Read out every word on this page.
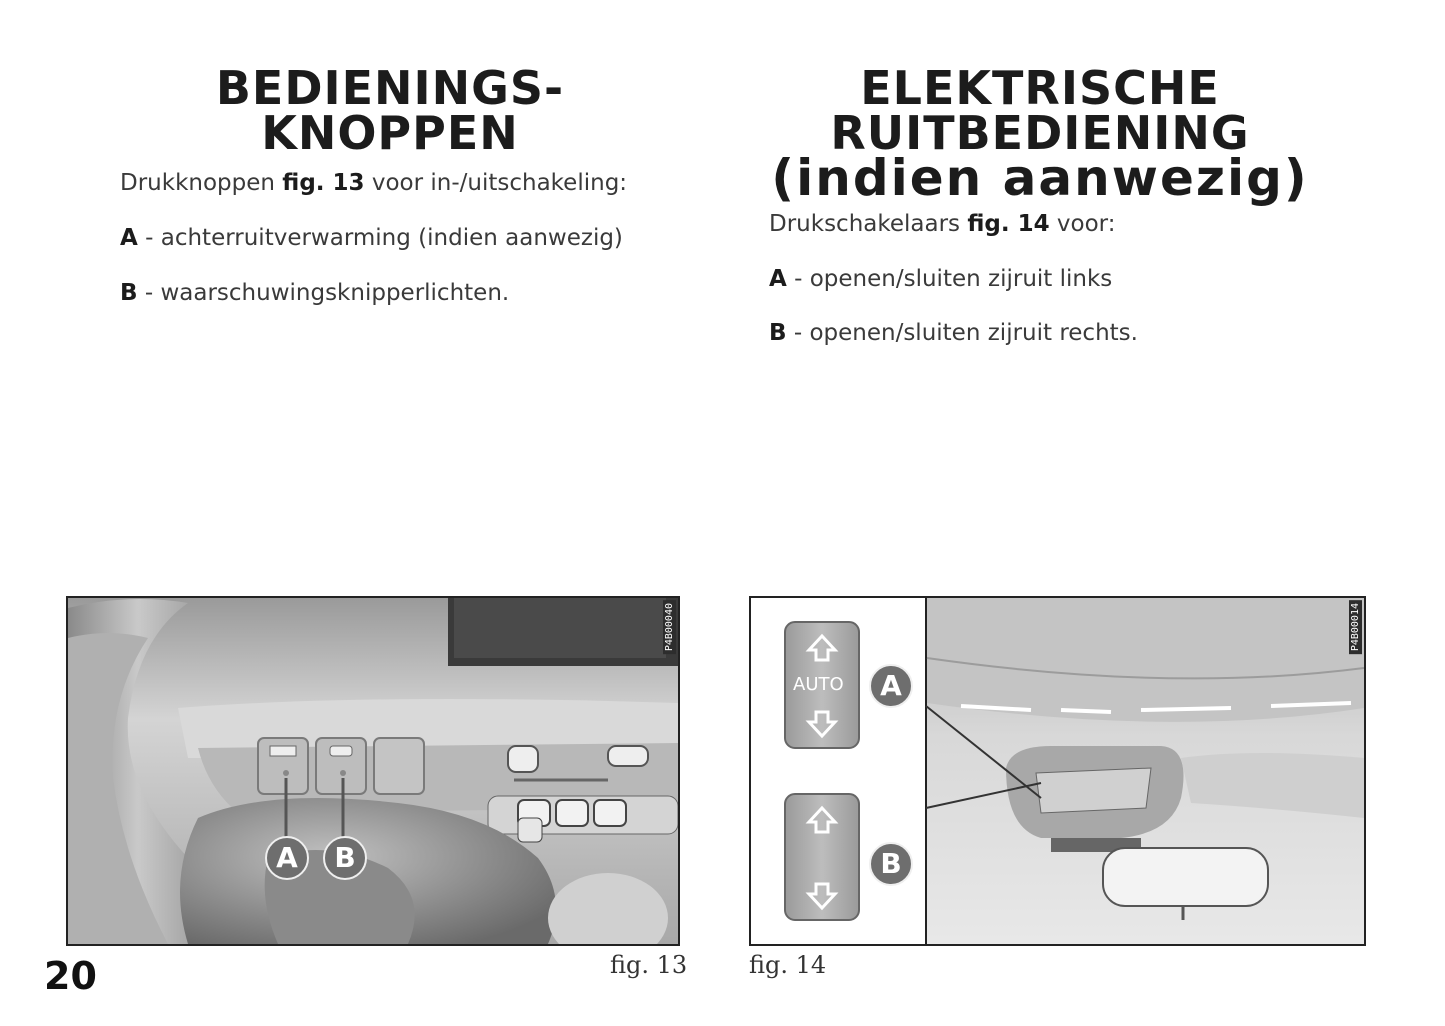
BEDIENINGS-
KNOPPEN

Drukknoppen fig. 13 voor in-/uitschakeling:

A - achterruitverwarming (indien aanwezig)

B - waarschuwingsknipperlichten.

ELEKTRISCHE
RUITBEDIENING
(indien aanwezig)

Drukschakelaars fig. 14 voor:

A - openen/sluiten zijruit links

B - openen/sluiten zijruit rechts.

A	B
P4B00040
fig. 13
AUTO	A
B
P4B00014
fig. 14
20
